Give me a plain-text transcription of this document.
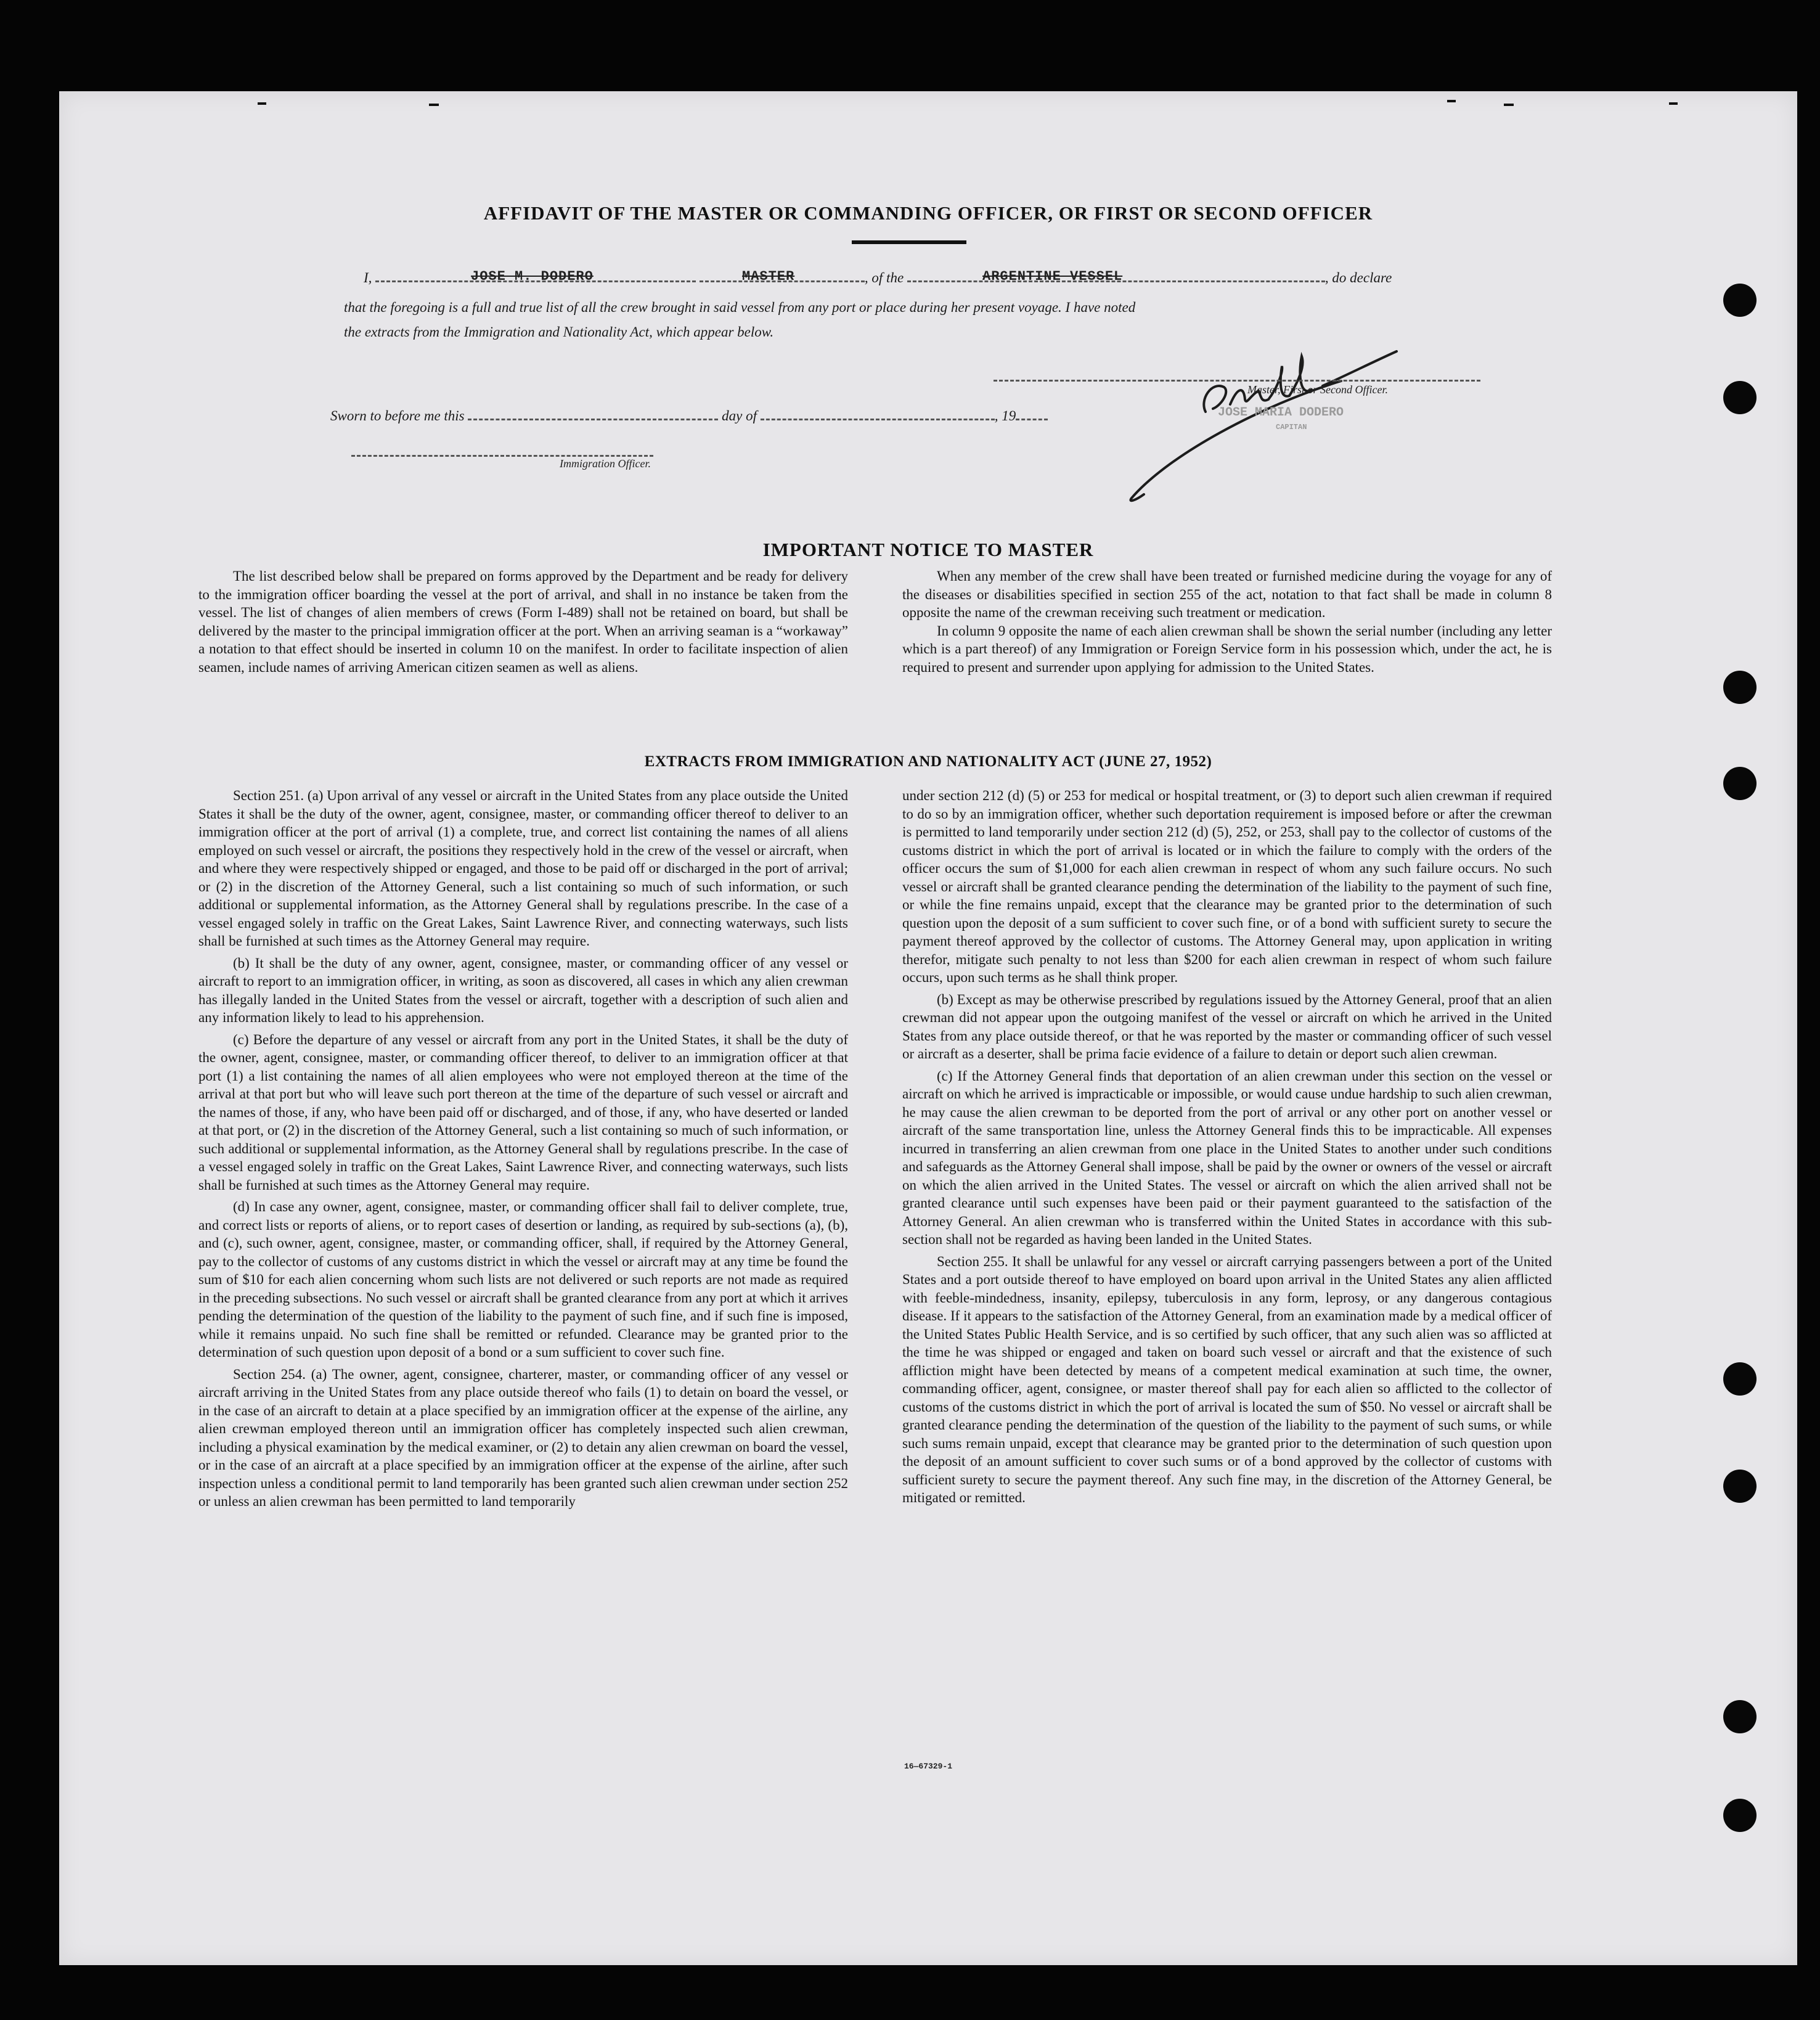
AFFIDAVIT OF THE MASTER OR COMMANDING OFFICER, OR FIRST OR SECOND OFFICER
I,	, of the	, do declare
JOSE M. DODERO	MASTER	ARGENTINE VESSEL
that the foregoing is a full and true list of all the crew brought in said vessel from any port or place during her present voyage. I have noted
the extracts from the Immigration and Nationality Act, which appear below.
Master, First or Second Officer.
JOSE MARIA DODERO
CAPITAN
Sworn to before me this	day of	, 19
Immigration Officer.
IMPORTANT NOTICE TO MASTER

The list described below shall be prepared on forms approved by the Department and be ready for delivery to the immigration officer boarding the vessel at the port of arrival, and shall in no instance be taken from the vessel. The list of changes of alien members of crews (Form I-489) shall not be retained on board, but shall be delivered by the master to the principal immigration officer at the port. When an arriving seaman is a “workaway” a notation to that effect should be inserted in column 10 on the manifest. In order to facilitate inspection of alien seamen, include names of arriving American citizen seamen as well as aliens.

When any member of the crew shall have been treated or furnished medicine during the voyage for any of the diseases or disabilities specified in section 255 of the act, notation to that fact shall be made in column 8 opposite the name of the crewman receiving such treatment or medication.

In column 9 opposite the name of each alien crewman shall be shown the serial number (including any letter which is a part thereof) of any Immigration or Foreign Service form in his possession which, under the act, he is required to present and surrender upon applying for admission to the United States.

EXTRACTS FROM IMMIGRATION AND NATIONALITY ACT (JUNE 27, 1952)

Section 251. (a) Upon arrival of any vessel or aircraft in the United States from any place outside the United States it shall be the duty of the owner, agent, consignee, master, or commanding officer thereof to deliver to an immigration officer at the port of arrival (1) a complete, true, and correct list containing the names of all aliens employed on such vessel or aircraft, the positions they respectively hold in the crew of the vessel or aircraft, when and where they were respectively shipped or engaged, and those to be paid off or discharged in the port of arrival; or (2) in the discretion of the Attorney General, such a list containing so much of such information, or such additional or supplemental information, as the Attorney General shall by regulations prescribe. In the case of a vessel engaged solely in traffic on the Great Lakes, Saint Lawrence River, and connecting waterways, such lists shall be furnished at such times as the Attorney General may require.

(b) It shall be the duty of any owner, agent, consignee, master, or commanding officer of any vessel or aircraft to report to an immigration officer, in writing, as soon as discovered, all cases in which any alien crewman has illegally landed in the United States from the vessel or aircraft, together with a description of such alien and any information likely to lead to his apprehension.

(c) Before the departure of any vessel or aircraft from any port in the United States, it shall be the duty of the owner, agent, consignee, master, or commanding officer thereof, to deliver to an immigration officer at that port (1) a list containing the names of all alien employees who were not employed thereon at the time of the arrival at that port but who will leave such port thereon at the time of the departure of such vessel or aircraft and the names of those, if any, who have been paid off or discharged, and of those, if any, who have deserted or landed at that port, or (2) in the discretion of the Attorney General, such a list containing so much of such information, or such additional or supplemental information, as the Attorney General shall by regulations prescribe. In the case of a vessel engaged solely in traffic on the Great Lakes, Saint Lawrence River, and connecting waterways, such lists shall be furnished at such times as the Attorney General may require.

(d) In case any owner, agent, consignee, master, or commanding officer shall fail to deliver complete, true, and correct lists or reports of aliens, or to report cases of desertion or landing, as required by sub-sections (a), (b), and (c), such owner, agent, consignee, master, or commanding officer, shall, if required by the Attorney General, pay to the collector of customs of any customs district in which the vessel or aircraft may at any time be found the sum of $10 for each alien concerning whom such lists are not delivered or such reports are not made as required in the preceding subsections. No such vessel or aircraft shall be granted clearance from any port at which it arrives pending the determination of the question of the liability to the payment of such fine, and if such fine is imposed, while it remains unpaid. No such fine shall be remitted or refunded. Clearance may be granted prior to the determination of such question upon deposit of a bond or a sum sufficient to cover such fine.

Section 254. (a) The owner, agent, consignee, charterer, master, or commanding officer of any vessel or aircraft arriving in the United States from any place outside thereof who fails (1) to detain on board the vessel, or in the case of an aircraft to detain at a place specified by an immigration officer at the expense of the airline, any alien crewman employed thereon until an immigration officer has completely inspected such alien crewman, including a physical examination by the medical examiner, or (2) to detain any alien crewman on board the vessel, or in the case of an aircraft at a place specified by an immigration officer at the expense of the airline, after such inspection unless a conditional permit to land temporarily has been granted such alien crewman under section 252 or unless an alien crewman has been permitted to land temporarily

under section 212 (d) (5) or 253 for medical or hospital treatment, or (3) to deport such alien crewman if required to do so by an immigration officer, whether such deportation requirement is imposed before or after the crewman is permitted to land temporarily under section 212 (d) (5), 252, or 253, shall pay to the collector of customs of the customs district in which the port of arrival is located or in which the failure to comply with the orders of the officer occurs the sum of $1,000 for each alien crewman in respect of whom any such failure occurs. No such vessel or aircraft shall be granted clearance pending the determination of the liability to the payment of such fine, or while the fine remains unpaid, except that the clearance may be granted prior to the determination of such question upon the deposit of a sum sufficient to cover such fine, or of a bond with sufficient surety to secure the payment thereof approved by the collector of customs. The Attorney General may, upon application in writing therefor, mitigate such penalty to not less than $200 for each alien crewman in respect of whom such failure occurs, upon such terms as he shall think proper.

(b) Except as may be otherwise prescribed by regulations issued by the Attorney General, proof that an alien crewman did not appear upon the outgoing manifest of the vessel or aircraft on which he arrived in the United States from any place outside thereof, or that he was reported by the master or commanding officer of such vessel or aircraft as a deserter, shall be prima facie evidence of a failure to detain or deport such alien crewman.

(c) If the Attorney General finds that deportation of an alien crewman under this section on the vessel or aircraft on which he arrived is impracticable or impossible, or would cause undue hardship to such alien crewman, he may cause the alien crewman to be deported from the port of arrival or any other port on another vessel or aircraft of the same transportation line, unless the Attorney General finds this to be impracticable. All expenses incurred in transferring an alien crewman from one place in the United States to another under such conditions and safeguards as the Attorney General shall impose, shall be paid by the owner or owners of the vessel or aircraft on which the alien arrived in the United States. The vessel or aircraft on which the alien arrived shall not be granted clearance until such expenses have been paid or their payment guaranteed to the satisfaction of the Attorney General. An alien crewman who is transferred within the United States in accordance with this sub-section shall not be regarded as having been landed in the United States.

Section 255. It shall be unlawful for any vessel or aircraft carrying passengers between a port of the United States and a port outside thereof to have employed on board upon arrival in the United States any alien afflicted with feeble-mindedness, insanity, epilepsy, tuberculosis in any form, leprosy, or any dangerous contagious disease. If it appears to the satisfaction of the Attorney General, from an examination made by a medical officer of the United States Public Health Service, and is so certified by such officer, that any such alien was so afflicted at the time he was shipped or engaged and taken on board such vessel or aircraft and that the existence of such affliction might have been detected by means of a competent medical examination at such time, the owner, commanding officer, agent, consignee, or master thereof shall pay for each alien so afflicted to the collector of customs of the customs district in which the port of arrival is located the sum of $50. No vessel or aircraft shall be granted clearance pending the determination of the question of the liability to the payment of such sums, or while such sums remain unpaid, except that clearance may be granted prior to the determination of such question upon the deposit of an amount sufficient to cover such sums or of a bond approved by the collector of customs with sufficient surety to secure the payment thereof. Any such fine may, in the discretion of the Attorney General, be mitigated or remitted.

16—67329-1
